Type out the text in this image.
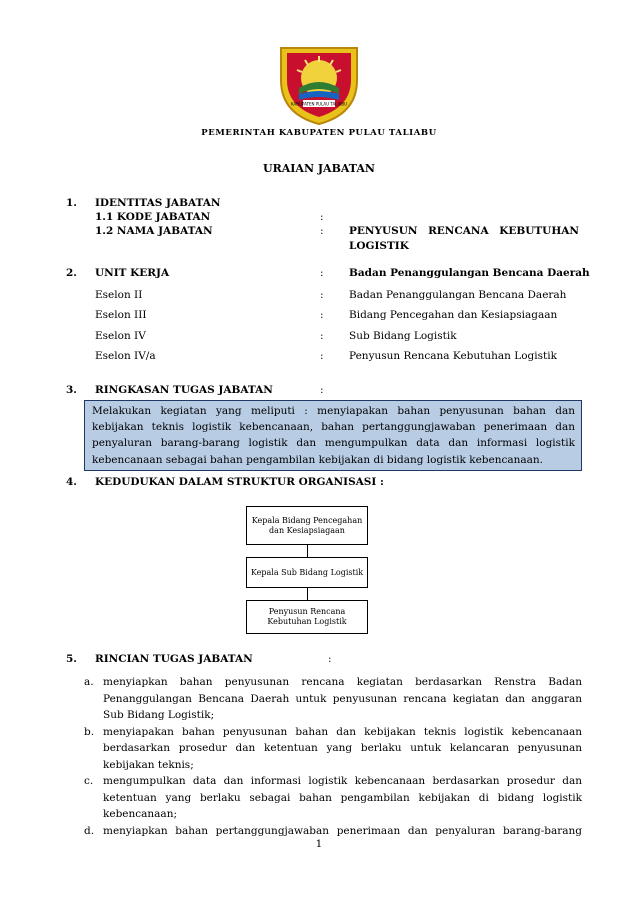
KABUPATEN PULAU TALIABU
PEMERINTAH KABUPATEN PULAU TALIABU
URAIAN JABATAN
1. IDENTITAS JABATAN
1.1 KODE JABATAN	:
1.2 NAMA JABATAN	: PENYUSUN RENCANA KEBUTUHAN
LOGISTIK
2. UNIT KERJA	: Badan Penanggulangan Bencana Daerah
Eselon II	: Badan Penanggulangan Bencana Daerah
Eselon III	: Bidang Pencegahan dan Kesiapsiagaan
Eselon IV	: Sub Bidang Logistik
Eselon IV/a	: Penyusun Rencana Kebutuhan Logistik
3. RINGKASAN TUGAS JABATAN	:
Melakukan kegiatan yang meliputi : menyiapakan bahan penyusunan bahan dan kebijakan teknis logistik kebencanaan, bahan pertanggungjawaban penerimaan dan penyaluran barang-barang logistik dan mengumpulkan data dan informasi logistik kebencanaan sebagai bahan pengambilan kebijakan di bidang logistik kebencanaan.
4. KEDUDUKAN DALAM STRUKTUR ORGANISASI :
Kepala Bidang Pencegahan dan Kesiapsiagaan
Kepala Sub Bidang Logistik
Penyusun Rencana Kebutuhan Logistik
5. RINCIAN TUGAS JABATAN	:
a. menyiapkan bahan penyusunan rencana kegiatan berdasarkan Renstra Badan Penanggulangan Bencana Daerah untuk penyusunan rencana kegiatan dan anggaran Sub Bidang Logistik;
b. menyiapakan bahan penyusunan bahan dan kebijakan teknis logistik kebencanaan berdasarkan prosedur dan ketentuan yang berlaku untuk kelancaran penyusunan kebijakan teknis;
c. mengumpulkan data dan informasi logistik kebencanaan berdasarkan prosedur dan ketentuan yang berlaku sebagai bahan pengambilan kebijakan di bidang logistik kebencanaan;
d. menyiapkan bahan pertanggungjawaban penerimaan dan penyaluran barang-barang
1
